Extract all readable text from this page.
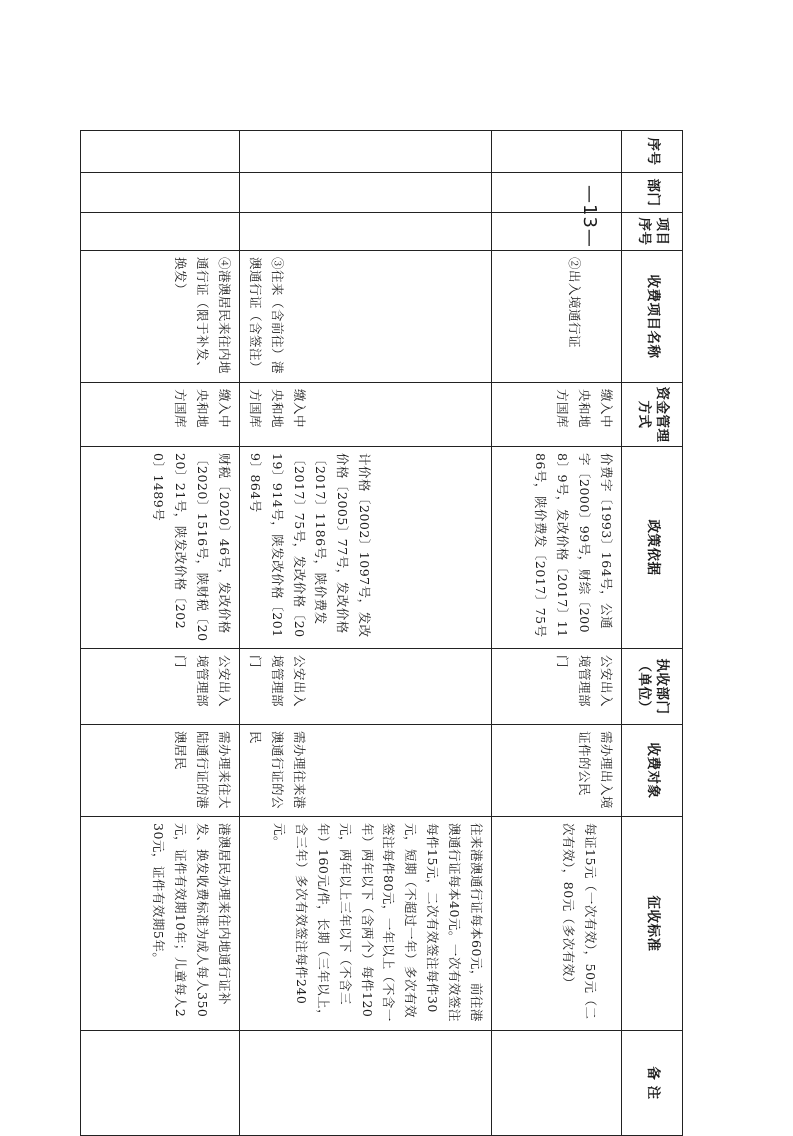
序号	部门	项目序号	收费项目名称	资金管理方式	政策依据	执收部门（单位）	收费对象	征收标准	备 注
			②出入境通行证	缴入中央和地方国库	价费字〔1993〕164号，公通字〔2000〕99号，财综〔2008〕9号，发改价格〔2017〕1186号，陕价费发〔2017〕75号	公安出入境管理部门	需办理出入境证件的公民	每证15元（一次有效），50元（二次有效），80元（多次有效）	
			③往来（含前往）港澳通行证（含签注）	缴入中央和地方国库	计价格〔2002〕1097号，发改价格〔2005〕77号，发改价格〔2017〕1186号，陕价费发〔2017〕75号，发改价格〔2019〕914号，陕发改价格〔2019〕864号	公安出入境管理部门	需办理往来港澳通行证的公民	往来港澳通行证每本60元，前往港澳通行证每本40元。一次有效签注每件15元，二次有效签注每件30元，短期（不超过一年）多次有效签注每件80元，一年以上（不含一年）两年以下（含两个）每件120元，两年以上三年以下（不含三年）160元/件，长期（三年以上，含三年）多次有效签注每件240元。	
			④港澳居民来往内地通行证（限于补发、换发）	缴入中央和地方国库	财税〔2020〕46号，发改价格〔2020〕1516号，陕财税〔2020〕21号，陕发改价格〔2020〕1489号	公安出入境管理部门	需办理来往大陆通行证的港澳居民	港澳居民办理来往内地通行证补发、换发收费标准为成人每人350元，证件有效期10年；儿童每人230元，证件有效期5年。	
—13—
